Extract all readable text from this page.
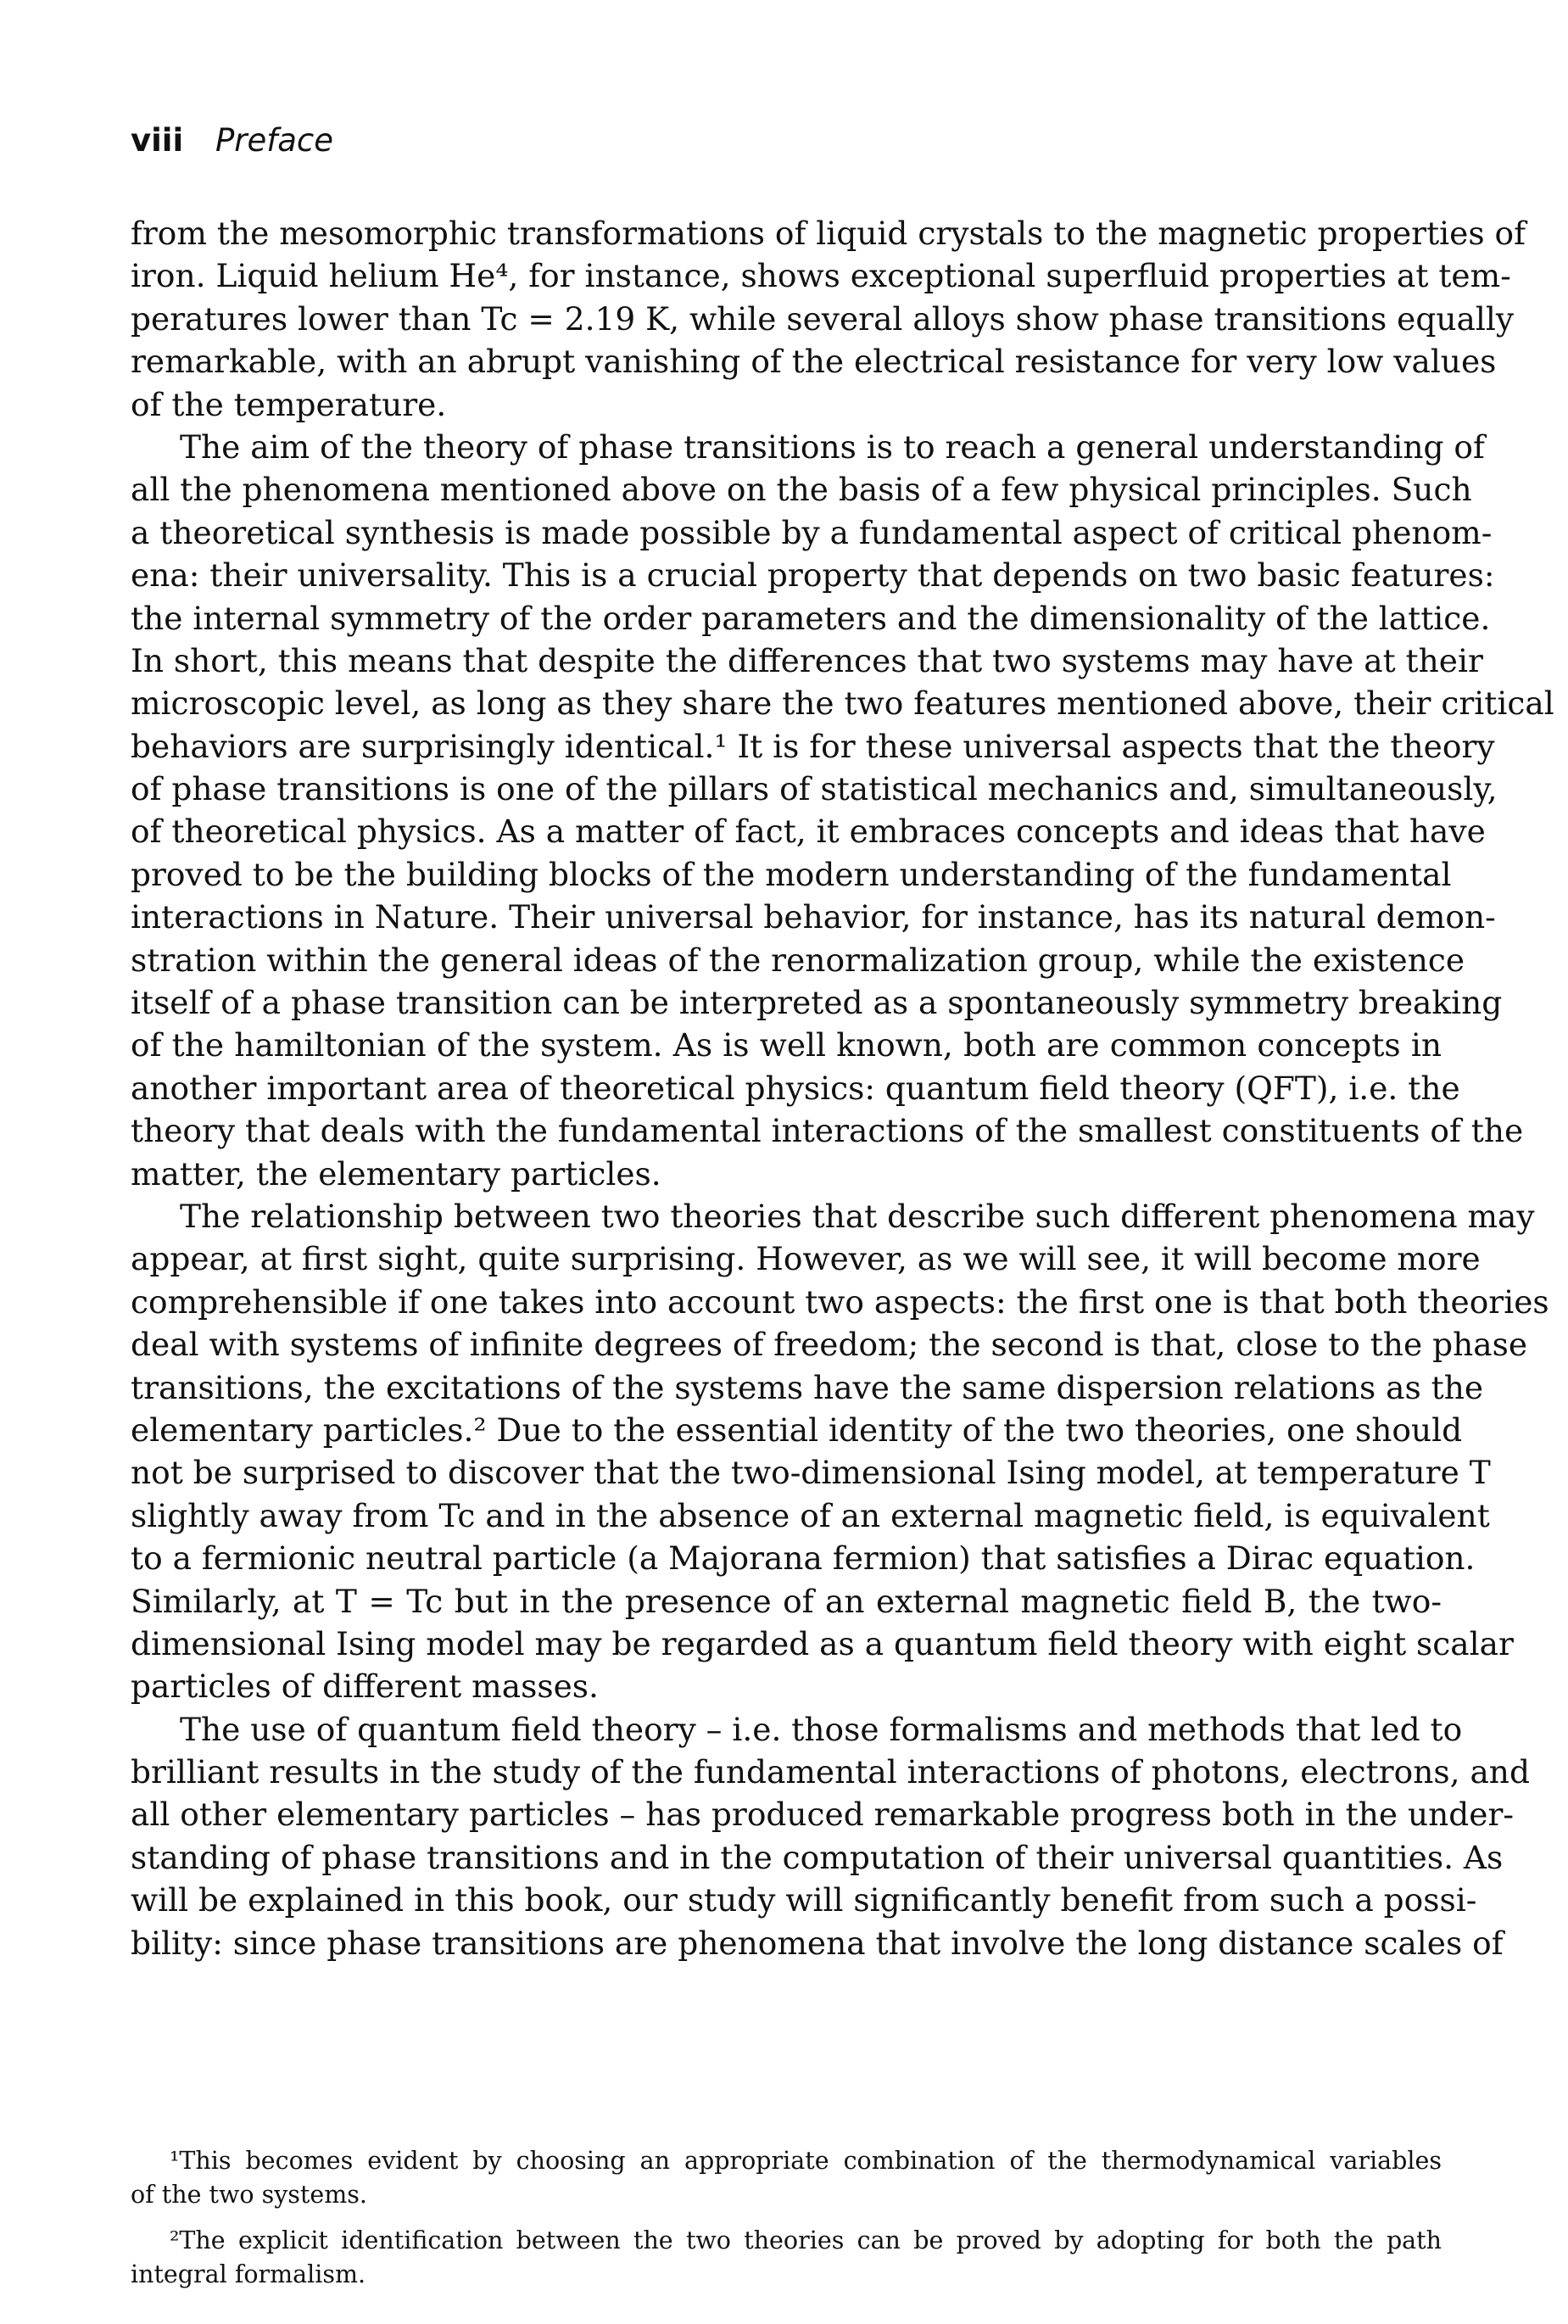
viii Preface
from the mesomorphic transformations of liquid crystals to the magnetic properties of
iron. Liquid helium He⁴, for instance, shows exceptional superfluid properties at tem-
peratures lower than Tc = 2.19 K, while several alloys show phase transitions equally
remarkable, with an abrupt vanishing of the electrical resistance for very low values
of the temperature.
The aim of the theory of phase transitions is to reach a general understanding of
all the phenomena mentioned above on the basis of a few physical principles. Such
a theoretical synthesis is made possible by a fundamental aspect of critical phenom-
ena: their universality. This is a crucial property that depends on two basic features:
the internal symmetry of the order parameters and the dimensionality of the lattice.
In short, this means that despite the differences that two systems may have at their
microscopic level, as long as they share the two features mentioned above, their critical
behaviors are surprisingly identical.¹ It is for these universal aspects that the theory
of phase transitions is one of the pillars of statistical mechanics and, simultaneously,
of theoretical physics. As a matter of fact, it embraces concepts and ideas that have
proved to be the building blocks of the modern understanding of the fundamental
interactions in Nature. Their universal behavior, for instance, has its natural demon-
stration within the general ideas of the renormalization group, while the existence
itself of a phase transition can be interpreted as a spontaneously symmetry breaking
of the hamiltonian of the system. As is well known, both are common concepts in
another important area of theoretical physics: quantum field theory (QFT), i.e. the
theory that deals with the fundamental interactions of the smallest constituents of the
matter, the elementary particles.
The relationship between two theories that describe such different phenomena may
appear, at first sight, quite surprising. However, as we will see, it will become more
comprehensible if one takes into account two aspects: the first one is that both theories
deal with systems of infinite degrees of freedom; the second is that, close to the phase
transitions, the excitations of the systems have the same dispersion relations as the
elementary particles.² Due to the essential identity of the two theories, one should
not be surprised to discover that the two-dimensional Ising model, at temperature T
slightly away from Tc and in the absence of an external magnetic field, is equivalent
to a fermionic neutral particle (a Majorana fermion) that satisfies a Dirac equation.
Similarly, at T = Tc but in the presence of an external magnetic field B, the two-
dimensional Ising model may be regarded as a quantum field theory with eight scalar
particles of different masses.
The use of quantum field theory – i.e. those formalisms and methods that led to
brilliant results in the study of the fundamental interactions of photons, electrons, and
all other elementary particles – has produced remarkable progress both in the under-
standing of phase transitions and in the computation of their universal quantities. As
will be explained in this book, our study will significantly benefit from such a possi-
bility: since phase transitions are phenomena that involve the long distance scales of
¹This becomes evident by choosing an appropriate combination of the thermodynamical variables
of the two systems.
²The explicit identification between the two theories can be proved by adopting for both the path
integral formalism.
